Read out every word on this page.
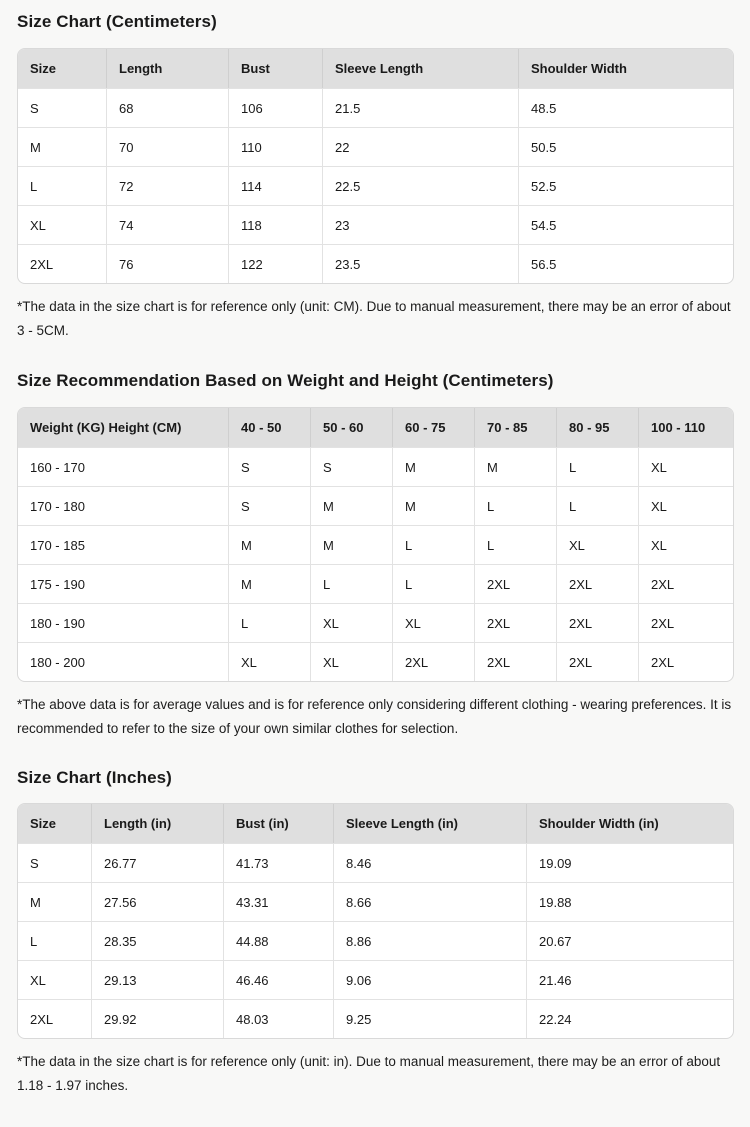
Size Chart (Centimeters)
Size	Length	Bust	Sleeve Length	Shoulder Width
S	68	106	21.5	48.5
M	70	110	22	50.5
L	72	114	22.5	52.5
XL	74	118	23	54.5
2XL	76	122	23.5	56.5

*The data in the size chart is for reference only (unit: CM). Due to manual measurement, there may be an error of about 3 - 5CM.

Size Recommendation Based on Weight and Height (Centimeters)
Weight (KG) Height (CM)	40 - 50	50 - 60	60 - 75	70 - 85	80 - 95	100 - 110
160 - 170	S	S	M	M	L	XL
170 - 180	S	M	M	L	L	XL
170 - 185	M	M	L	L	XL	XL
175 - 190	M	L	L	2XL	2XL	2XL
180 - 190	L	XL	XL	2XL	2XL	2XL
180 - 200	XL	XL	2XL	2XL	2XL	2XL

*The above data is for average values and is for reference only considering different clothing - wearing preferences. It is recommended to refer to the size of your own similar clothes for selection.

Size Chart (Inches)
Size	Length (in)	Bust (in)	Sleeve Length (in)	Shoulder Width (in)
S	26.77	41.73	8.46	19.09
M	27.56	43.31	8.66	19.88
L	28.35	44.88	8.86	20.67
XL	29.13	46.46	9.06	21.46
2XL	29.92	48.03	9.25	22.24

*The data in the size chart is for reference only (unit: in). Due to manual measurement, there may be an error of about 1.18 - 1.97 inches.
